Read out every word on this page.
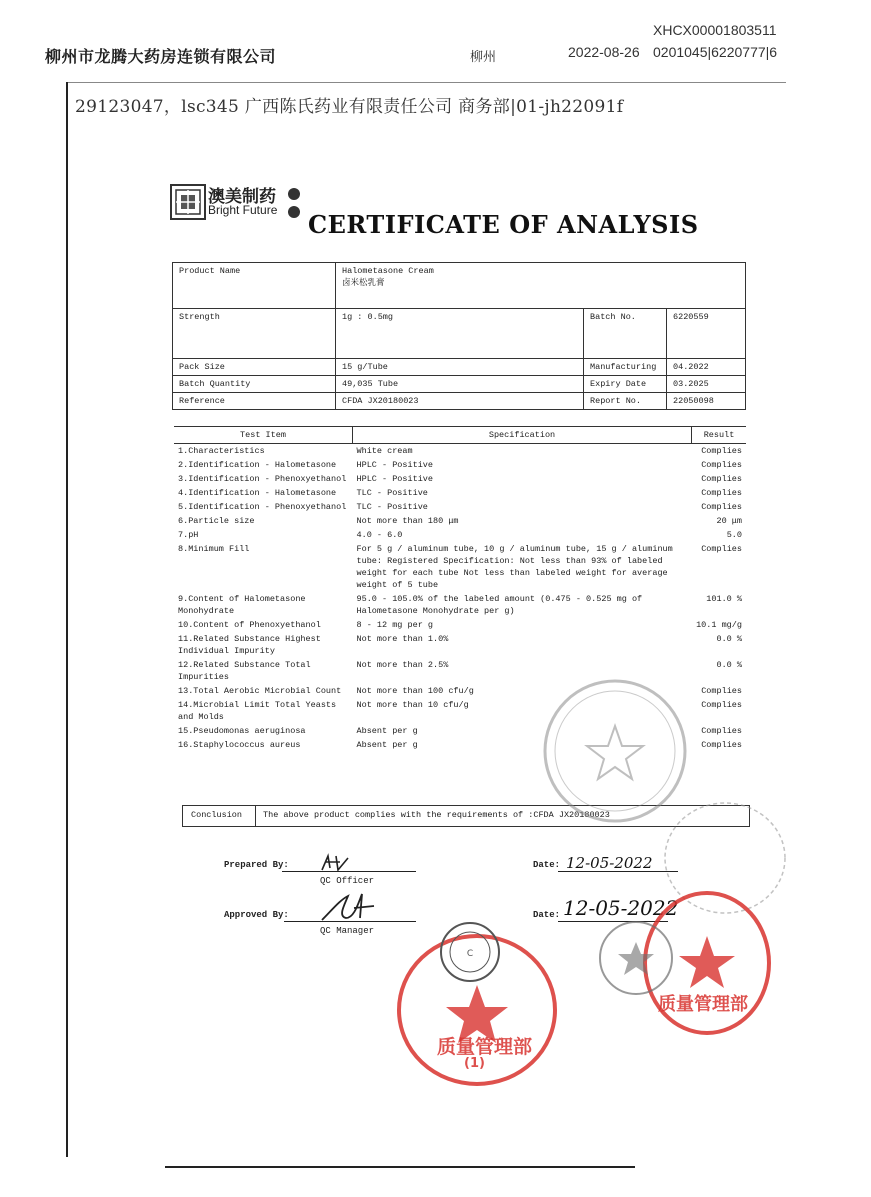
柳州市龙腾大药房连锁有限公司	柳州	2022-08-26
XHCX00001803511
0201045|6220777|6
29123047，lsc345 广西陈氏药业有限责任公司 商务部|01-jh22091f
澳美制药
Bright Future CERTIFICATE OF ANALYSIS
Product Name	Halometasone Cream
卤米松乳膏		

Strength	1g : 0.5mg	Batch No.	6220559
Pack Size	15 g/Tube	Manufacturing	04.2022
Batch Quantity	49,035 Tube	Expiry Date	03.2025
Reference	CFDA JX20180023	Report No.	22050098
Test Item	Specification	Result
1.Characteristics	White cream	Complies
2.Identification - Halometasone	HPLC - Positive	Complies
3.Identification - Phenoxyethanol	HPLC - Positive	Complies
4.Identification - Halometasone	TLC - Positive	Complies
5.Identification - Phenoxyethanol	TLC - Positive	Complies
6.Particle size	Not more than 180 μm	20 μm
7.pH	4.0 - 6.0	5.0
8.Minimum Fill	For 5 g / aluminum tube, 10 g / aluminum tube, 15 g / aluminum tube: Registered Specification: Not less than 93% of labeled weight for each tube Not less than labeled weight for average weight of 5 tube	Complies
9.Content of Halometasone Monohydrate	95.0 - 105.0% of the labeled amount (0.475 - 0.525 mg of Halometasone Monohydrate per g)	101.0 %
10.Content of Phenoxyethanol	8 - 12 mg per g	10.1 mg/g
11.Related Substance Highest Individual Impurity	Not more than 1.0%	0.0 %
12.Related Substance Total Impurities	Not more than 2.5%	0.0 %
13.Total Aerobic Microbial Count	Not more than 100 cfu/g	Complies
14.Microbial Limit Total Yeasts and Molds	Not more than 10 cfu/g	Complies
15.Pseudomonas aeruginosa	Absent per g	Complies
16.Staphylococcus aureus	Absent per g	Complies
Conclusion The above product complies with the requirements of :CFDA JX20180023
Prepared By:
QC Officer
Date: 12-05-2022
Approved By:
QC Manager
Date: 12-05-2022
质量管理部
(1)
C
质量管理部
